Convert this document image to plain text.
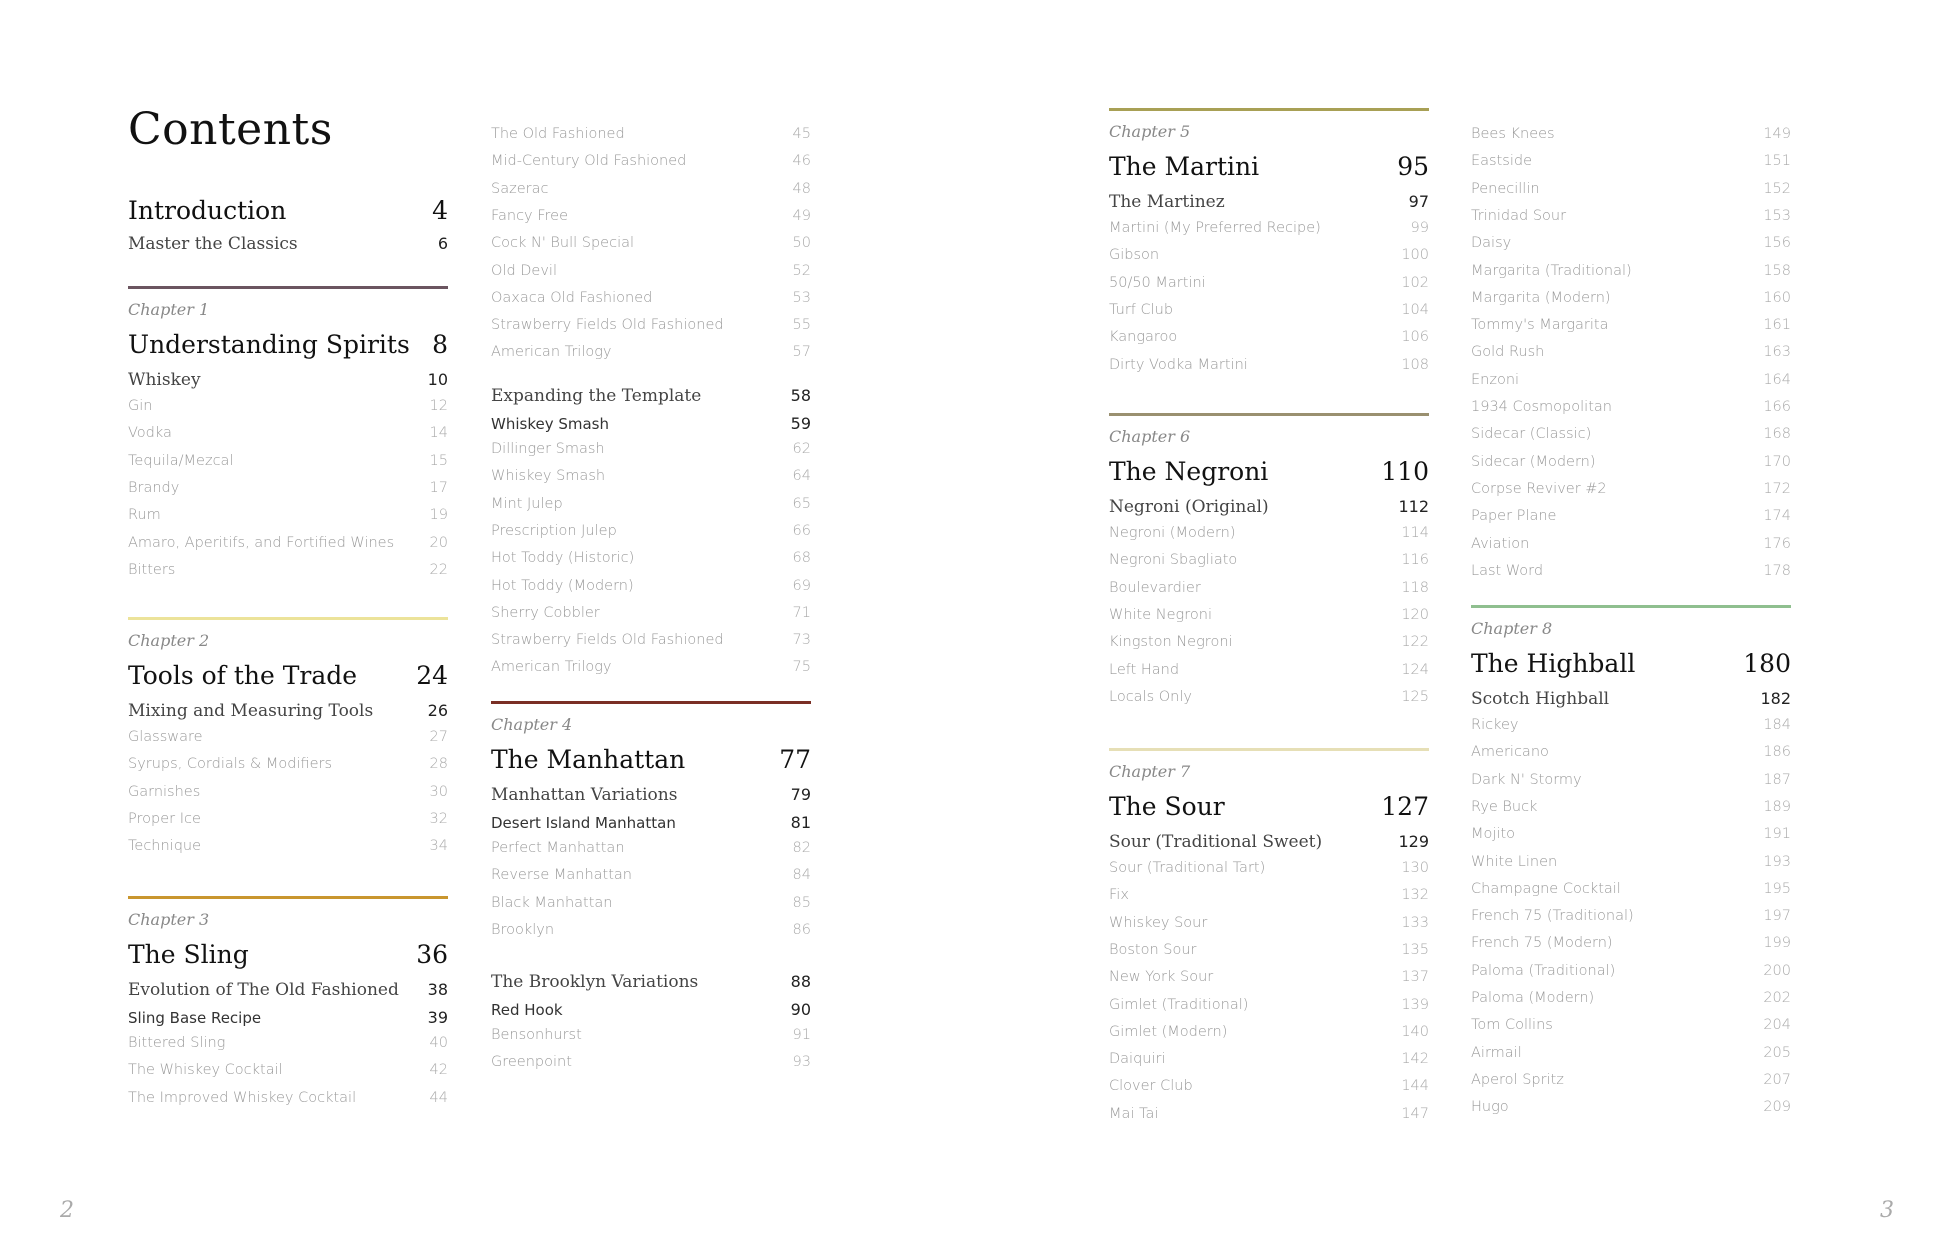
Contents
Introduction	4
Master the Classics	6
Chapter 1
Understanding Spirits 8
Whiskey	10
Gin	12
Vodka	14
Tequila/Mezcal	15
Brandy	17
Rum	19
Amaro, Aperitifs, and Fortified Wines 20
Bitters	22
Chapter 2
Tools of the Trade 24
Mixing and Measuring Tools	26
Glassware	27
Syrups, Cordials & Modifiers	28
Garnishes	30
Proper Ice	32
Technique	34
Chapter 3
The Sling	36
Evolution of The Old Fashioned 38
Sling Base Recipe	39
Bittered Sling	40
The Whiskey Cocktail	42
The Improved Whiskey Cocktail	44
The Old Fashioned	45
Mid-Century Old Fashioned	46
Sazerac	48
Fancy Free	49
Cock N' Bull Special	50
Old Devil	52
Oaxaca Old Fashioned	53
Strawberry Fields Old Fashioned	55
American Trilogy	57
Expanding the Template	58
Whiskey Smash	59
Dillinger Smash	62
Whiskey Smash	64
Mint Julep	65
Prescription Julep	66
Hot Toddy (Historic)	68
Hot Toddy (Modern)	69
Sherry Cobbler	71
Strawberry Fields Old Fashioned	73
American Trilogy	75
Chapter 4
The Manhattan	77
Manhattan Variations	79
Desert Island Manhattan	81
Perfect Manhattan	82
Reverse Manhattan	84
Black Manhattan	85
Brooklyn	86
The Brooklyn Variations	88
Red Hook	90
Bensonhurst	91
Greenpoint	93
Chapter 5
The Martini	95
The Martinez	97
Martini (My Preferred Recipe)	99
Gibson	100
50/50 Martini	102
Turf Club	104
Kangaroo	106
Dirty Vodka Martini	108
Chapter 6
The Negroni	110
Negroni (Original)	112
Negroni (Modern)	114
Negroni Sbagliato	116
Boulevardier	118
White Negroni	120
Kingston Negroni	122
Left Hand	124
Locals Only	125
Chapter 7
The Sour	127
Sour (Traditional Sweet)	129
Sour (Traditional Tart)	130
Fix	132
Whiskey Sour	133
Boston Sour	135
New York Sour	137
Gimlet (Traditional)	139
Gimlet (Modern)	140
Daiquiri	142
Clover Club	144
Mai Tai	147
Bees Knees	149
Eastside	151
Penecillin	152
Trinidad Sour	153
Daisy	156
Margarita (Traditional)	158
Margarita (Modern)	160
Tommy's Margarita	161
Gold Rush	163
Enzoni	164
1934 Cosmopolitan	166
Sidecar (Classic)	168
Sidecar (Modern)	170
Corpse Reviver #2	172
Paper Plane	174
Aviation	176
Last Word	178
Chapter 8
The Highball	180
Scotch Highball	182
Rickey	184
Americano	186
Dark N' Stormy	187
Rye Buck	189
Mojito	191
White Linen	193
Champagne Cocktail	195
French 75 (Traditional)	197
French 75 (Modern)	199
Paloma (Traditional)	200
Paloma (Modern)	202
Tom Collins	204
Airmail	205
Aperol Spritz	207
Hugo	209
2	3
